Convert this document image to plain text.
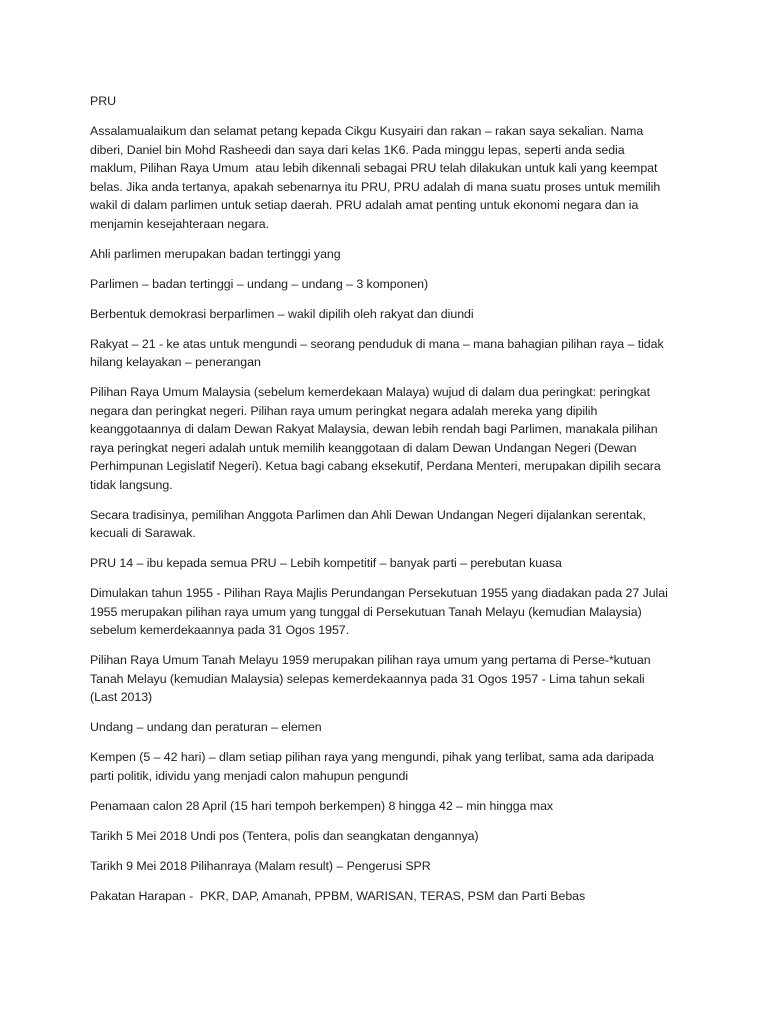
PRU

Assalamualaikum dan selamat petang kepada Cikgu Kusyairi dan rakan – rakan saya sekalian. Nama
diberi, Daniel bin Mohd Rasheedi dan saya dari kelas 1K6. Pada minggu lepas, seperti anda sedia
maklum, Pilihan Raya Umum  atau lebih dikennali sebagai PRU telah dilakukan untuk kali yang keempat
belas. Jika anda tertanya, apakah sebenarnya itu PRU, PRU adalah di mana suatu proses untuk memilih
wakil di dalam parlimen untuk setiap daerah. PRU adalah amat penting untuk ekonomi negara dan ia
menjamin kesejahteraan negara.

Ahli parlimen merupakan badan tertinggi yang

Parlimen – badan tertinggi – undang – undang – 3 komponen)

Berbentuk demokrasi berparlimen – wakil dipilih oleh rakyat dan diundi

Rakyat – 21 - ke atas untuk mengundi – seorang penduduk di mana – mana bahagian pilihan raya – tidak
hilang kelayakan – penerangan

Pilihan Raya Umum Malaysia (sebelum kemerdekaan Malaya) wujud di dalam dua peringkat: peringkat
negara dan peringkat negeri. Pilihan raya umum peringkat negara adalah mereka yang dipilih
keanggotaannya di dalam Dewan Rakyat Malaysia, dewan lebih rendah bagi Parlimen, manakala pilihan
raya peringkat negeri adalah untuk memilih keanggotaan di dalam Dewan Undangan Negeri (Dewan
Perhimpunan Legislatif Negeri). Ketua bagi cabang eksekutif, Perdana Menteri, merupakan dipilih secara
tidak langsung.

Secara tradisinya, pemilihan Anggota Parlimen dan Ahli Dewan Undangan Negeri dijalankan serentak,
kecuali di Sarawak.

PRU 14 – ibu kepada semua PRU – Lebih kompetitif – banyak parti – perebutan kuasa

Dimulakan tahun 1955 - Pilihan Raya Majlis Perundangan Persekutuan 1955 yang diadakan pada 27 Julai
1955 merupakan pilihan raya umum yang tunggal di Persekutuan Tanah Melayu (kemudian Malaysia)
sebelum kemerdekaannya pada 31 Ogos 1957.

Pilihan Raya Umum Tanah Melayu 1959 merupakan pilihan raya umum yang pertama di Perse-*kutuan
Tanah Melayu (kemudian Malaysia) selepas kemerdekaannya pada 31 Ogos 1957 - Lima tahun sekali
(Last 2013)

Undang – undang dan peraturan – elemen

Kempen (5 – 42 hari) – dlam setiap pilihan raya yang mengundi, pihak yang terlibat, sama ada daripada
parti politik, idividu yang menjadi calon mahupun pengundi

Penamaan calon 28 April (15 hari tempoh berkempen) 8 hingga 42 – min hingga max

Tarikh 5 Mei 2018 Undi pos (Tentera, polis dan seangkatan dengannya)

Tarikh 9 Mei 2018 Pilihanraya (Malam result) – Pengerusi SPR

Pakatan Harapan -  PKR, DAP, Amanah, PPBM, WARISAN, TERAS, PSM dan Parti Bebas
